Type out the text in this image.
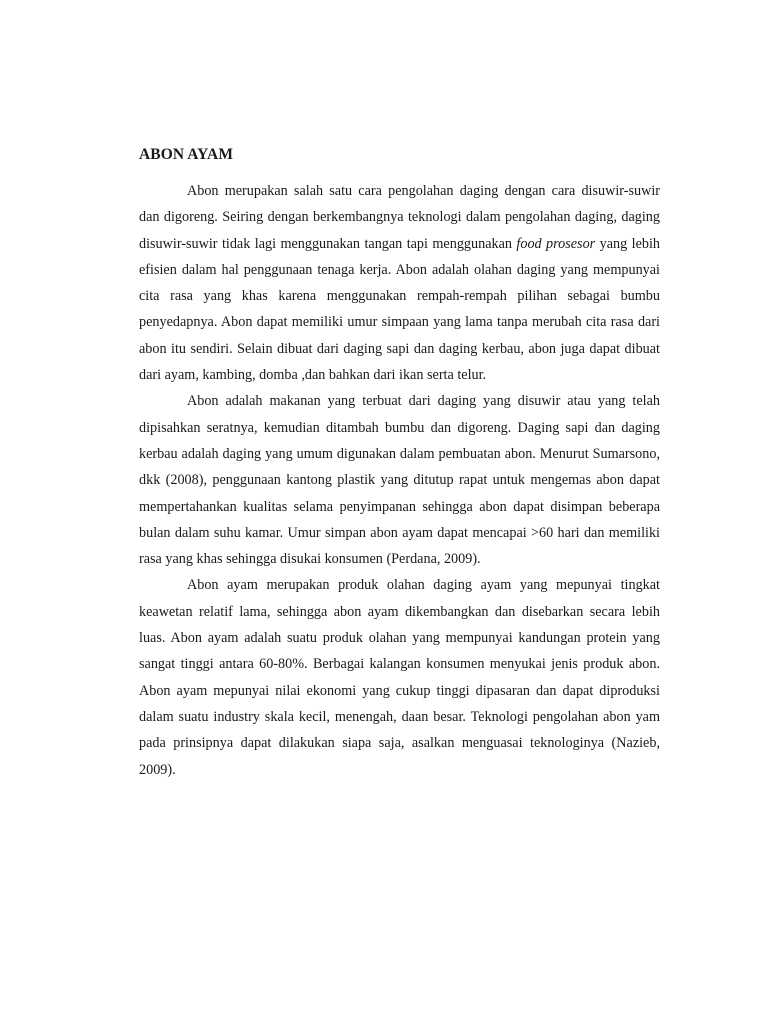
ABON AYAM

Abon merupakan salah satu cara pengolahan daging dengan cara disuwir-suwir dan digoreng. Seiring dengan berkembangnya teknologi dalam pengolahan daging, daging disuwir-suwir tidak lagi menggunakan tangan tapi menggunakan food prosesor yang lebih efisien dalam hal penggunaan tenaga kerja. Abon adalah olahan daging yang mempunyai cita rasa yang khas karena menggunakan rempah-rempah pilihan sebagai bumbu penyedapnya. Abon dapat memiliki umur simpaan yang lama tanpa merubah cita rasa dari abon itu sendiri. Selain dibuat dari daging sapi dan daging kerbau, abon juga dapat dibuat dari ayam, kambing, domba ,dan bahkan dari ikan serta telur.

Abon adalah makanan yang terbuat dari daging yang disuwir atau yang telah dipisahkan seratnya, kemudian ditambah bumbu dan digoreng. Daging sapi dan daging kerbau adalah daging yang umum digunakan dalam pembuatan abon. Menurut Sumarsono, dkk (2008), penggunaan kantong plastik yang ditutup rapat untuk mengemas abon dapat mempertahankan kualitas selama penyimpanan sehingga abon dapat disimpan beberapa bulan dalam suhu kamar. Umur simpan abon ayam dapat mencapai >60 hari dan memiliki rasa yang khas sehingga disukai konsumen (Perdana, 2009).

Abon ayam merupakan produk olahan daging ayam yang mepunyai tingkat keawetan relatif lama, sehingga abon ayam dikembangkan dan disebarkan secara lebih luas. Abon ayam adalah suatu produk olahan yang mempunyai kandungan protein yang sangat tinggi antara 60-80%. Berbagai kalangan konsumen menyukai jenis produk abon. Abon ayam mepunyai nilai ekonomi yang cukup tinggi dipasaran dan dapat diproduksi dalam suatu industry skala kecil, menengah, daan besar. Teknologi pengolahan abon yam pada prinsipnya dapat dilakukan siapa saja, asalkan menguasai teknologinya (Nazieb, 2009).
